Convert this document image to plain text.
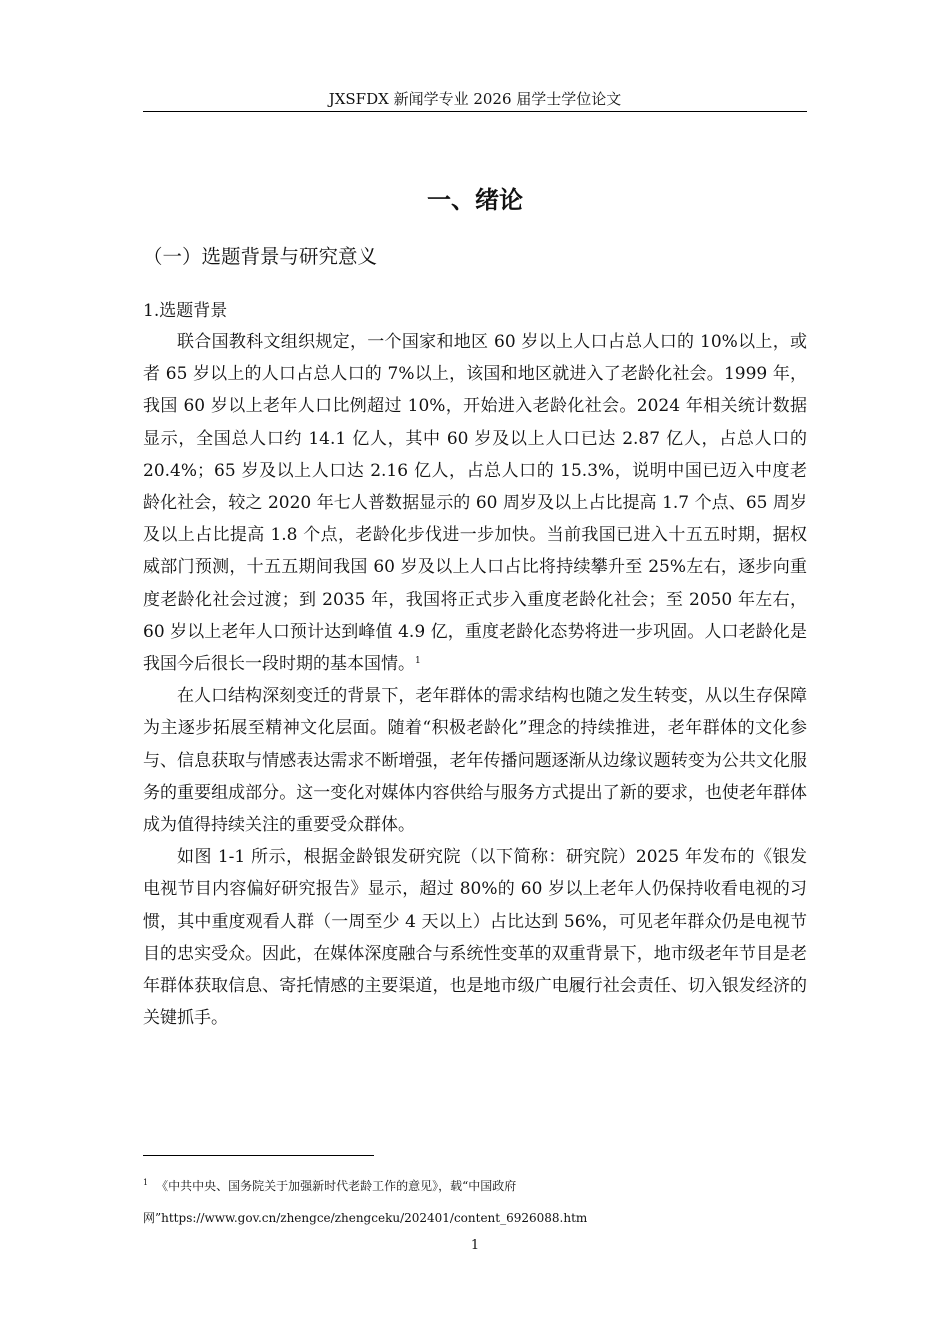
JXSFDX 新闻学专业 2026 届学士学位论文
一、绪论
（一）选题背景与研究意义
1.选题背景

联合国教科文组织规定，一个国家和地区 60 岁以上人口占总人口的 10%以上，或者 65 岁以上的人口占总人口的 7%以上，该国和地区就进入了老龄化社会。1999 年，我国 60 岁以上老年人口比例超过 10%，开始进入老龄化社会。2024 年相关统计数据显示，全国总人口约 14.1 亿人，其中 60 岁及以上人口已达 2.87 亿人，占总人口的 20.4%；65 岁及以上人口达 2.16 亿人，占总人口的 15.3%，说明中国已迈入中度老龄化社会，较之 2020 年七人普数据显示的 60 周岁及以上占比提高 1.7 个点、65 周岁及以上占比提高 1.8 个点，老龄化步伐进一步加快。当前我国已进入十五五时期，据权威部门预测，十五五期间我国 60 岁及以上人口占比将持续攀升至 25%左右，逐步向重度老龄化社会过渡；到 2035 年，我国将正式步入重度老龄化社会；至 2050 年左右，60 岁以上老年人口预计达到峰值 4.9 亿，重度老龄化态势将进一步巩固。人口老龄化是我国今后很长一段时期的基本国情。$^1$

在人口结构深刻变迁的背景下，老年群体的需求结构也随之发生转变，从以生存保障为主逐步拓展至精神文化层面。随着“积极老龄化”理念的持续推进，老年群体的文化参与、信息获取与情感表达需求不断增强，老年传播问题逐渐从边缘议题转变为公共文化服务的重要组成部分。这一变化对媒体内容供给与服务方式提出了新的要求，也使老年群体成为值得持续关注的重要受众群体。

如图 1-1 所示，根据金龄银发研究院（以下简称：研究院）2025 年发布的《银发电视节目内容偏好研究报告》显示，超过 80%的 60 岁以上老年人仍保持收看电视的习惯，其中重度观看人群（一周至少 4 天以上）占比达到 56%，可见老年群众仍是电视节目的忠实受众。因此，在媒体深度融合与系统性变革的双重背景下，地市级老年节目是老年群体获取信息、寄托情感的主要渠道，也是地市级广电履行社会责任、切入银发经济的关键抓手。

$^1$ 《中共中央、国务院关于加强新时代老龄工作的意见》，载“中国政府
网”https://www.gov.cn/zhengce/zhengceku/202401/content_6926088.htm
1
